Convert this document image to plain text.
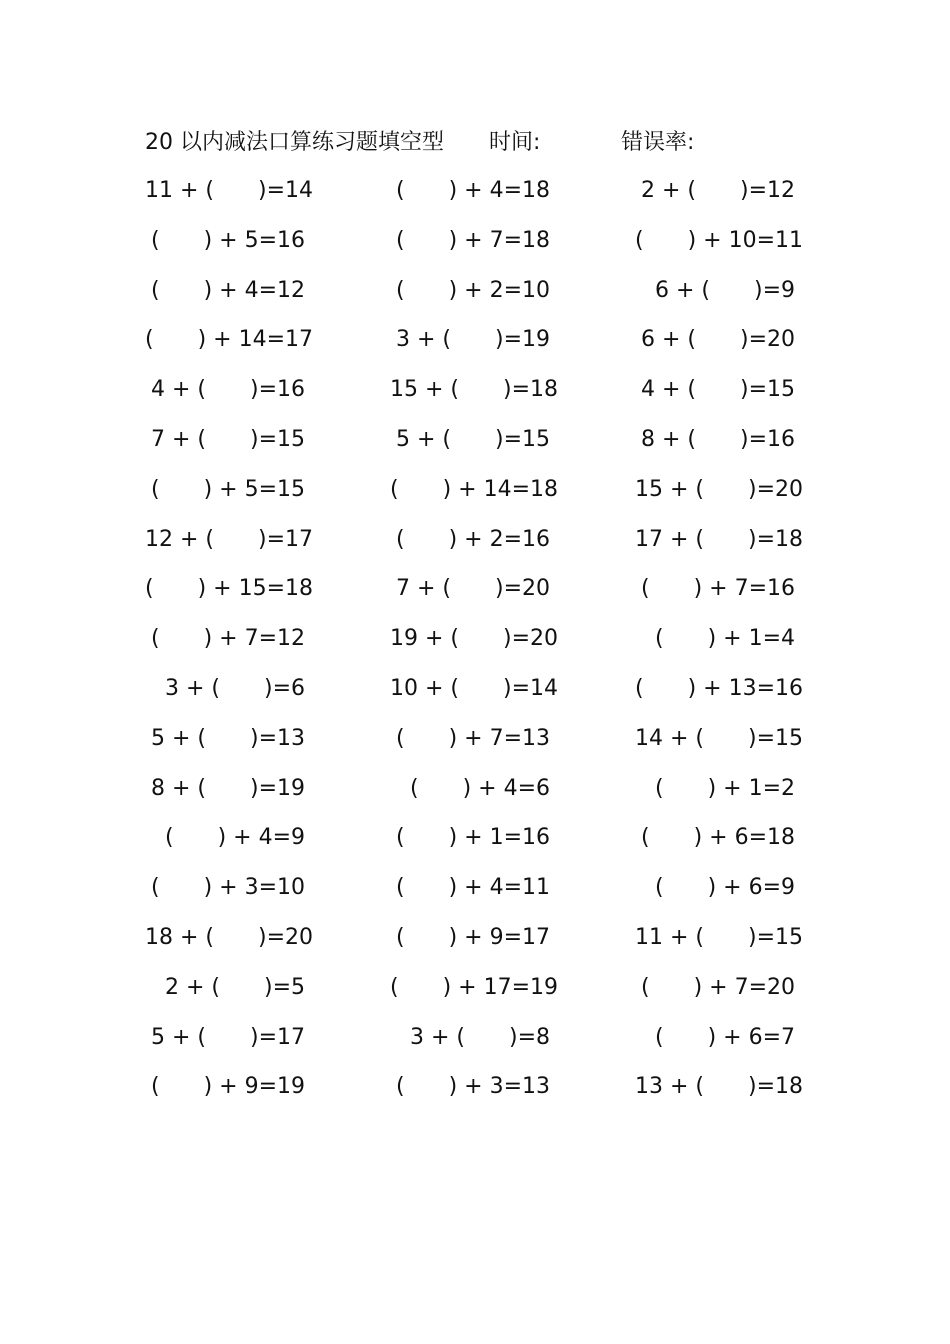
20 以内减法口算练习题填空型 时间:	错误率:
11 + (　　)=14	(　　) + 4=18	2 + (　　)=12
(　　) + 5=16	(　　) + 7=18	(　　) + 10=11
(　　) + 4=12	(　　) + 2=10	6 + (　　)=9
(　　) + 14=17	3 + (　　)=19	6 + (　　)=20
4 + (　　)=16	15 + (　　)=18	4 + (　　)=15
7 + (　　)=15	5 + (　　)=15	8 + (　　)=16
(　　) + 5=15	(　　) + 14=18	15 + (　　)=20
12 + (　　)=17	(　　) + 2=16	17 + (　　)=18
(　　) + 15=18	7 + (　　)=20	(　　) + 7=16
(　　) + 7=12	19 + (　　)=20	(　　) + 1=4
3 + (　　)=6	10 + (　　)=14	(　　) + 13=16
5 + (　　)=13	(　　) + 7=13	14 + (　　)=15
8 + (　　)=19	(　　) + 4=6	(　　) + 1=2
(　　) + 4=9	(　　) + 1=16	(　　) + 6=18
(　　) + 3=10	(　　) + 4=11	(　　) + 6=9
18 + (　　)=20	(　　) + 9=17	11 + (　　)=15
2 + (　　)=5	(　　) + 17=19	(　　) + 7=20
5 + (　　)=17	3 + (　　)=8	(　　) + 6=7
(　　) + 9=19	(　　) + 3=13	13 + (　　)=18
